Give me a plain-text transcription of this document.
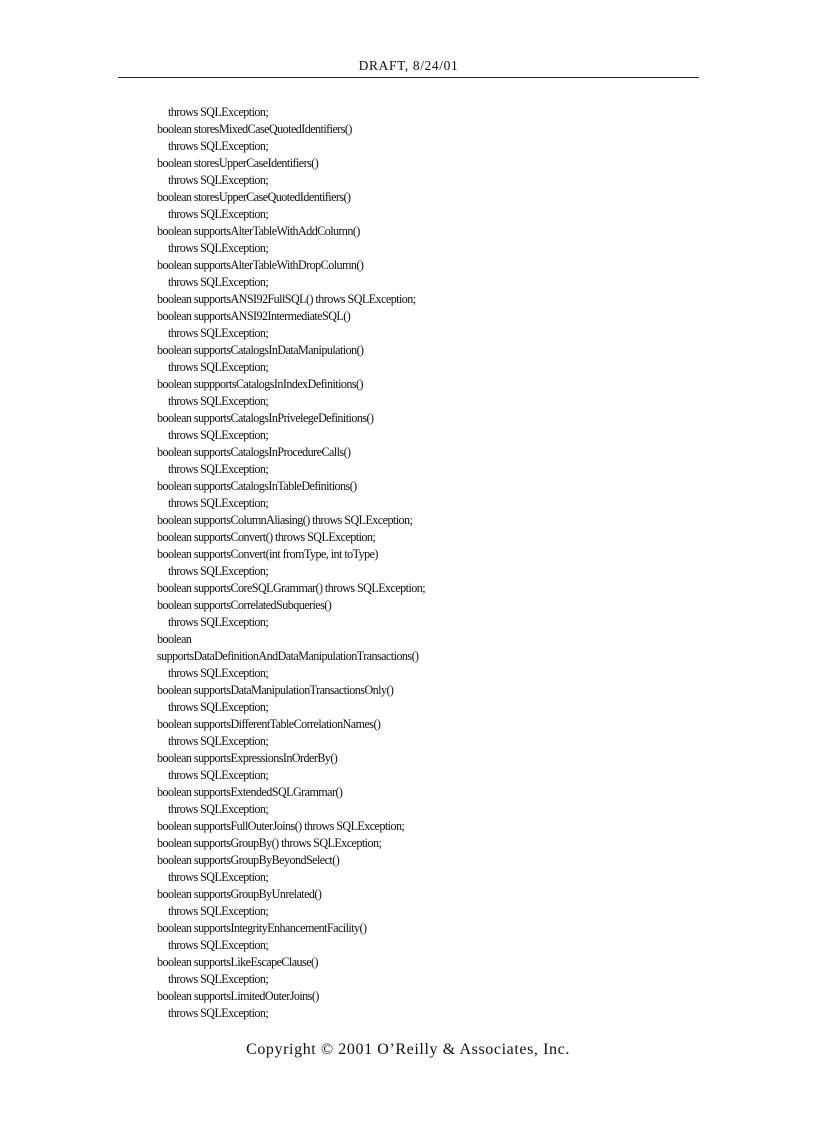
DRAFT, 8/24/01
throws SQLException;
boolean storesMixedCaseQuotedIdentifiers()
throws SQLException;
boolean storesUpperCaseIdentifiers()
throws SQLException;
boolean storesUpperCaseQuotedIdentifiers()
throws SQLException;
boolean supportsAlterTableWithAddColumn()
throws SQLException;
boolean supportsAlterTableWithDropColumn()
throws SQLException;
boolean supportsANSI92FullSQL() throws SQLException;
boolean supportsANSI92IntermediateSQL()
throws SQLException;
boolean supportsCatalogsInDataManipulation()
throws SQLException;
boolean suppportsCatalogsInIndexDefinitions()
throws SQLException;
boolean supportsCatalogsInPrivelegeDefinitions()
throws SQLException;
boolean supportsCatalogsInProcedureCalls()
throws SQLException;
boolean supportsCatalogsInTableDefinitions()
throws SQLException;
boolean supportsColumnAliasing() throws SQLException;
boolean supportsConvert() throws SQLException;
boolean supportsConvert(int fromType, int toType)
throws SQLException;
boolean supportsCoreSQLGrammar() throws SQLException;
boolean supportsCorrelatedSubqueries()
throws SQLException;
boolean
supportsDataDefinitionAndDataManipulationTransactions()
throws SQLException;
boolean supportsDataManipulationTransactionsOnly()
throws SQLException;
boolean supportsDifferentTableCorrelationNames()
throws SQLException;
boolean supportsExpressionsInOrderBy()
throws SQLException;
boolean supportsExtendedSQLGrammar()
throws SQLException;
boolean supportsFullOuterJoins() throws SQLException;
boolean supportsGroupBy() throws SQLException;
boolean supportsGroupByBeyondSelect()
throws SQLException;
boolean supportsGroupByUnrelated()
throws SQLException;
boolean supportsIntegrityEnhancementFacility()
throws SQLException;
boolean supportsLikeEscapeClause()
throws SQLException;
boolean supportsLimitedOuterJoins()
throws SQLException;
Copyright © 2001 O’Reilly & Associates, Inc.
